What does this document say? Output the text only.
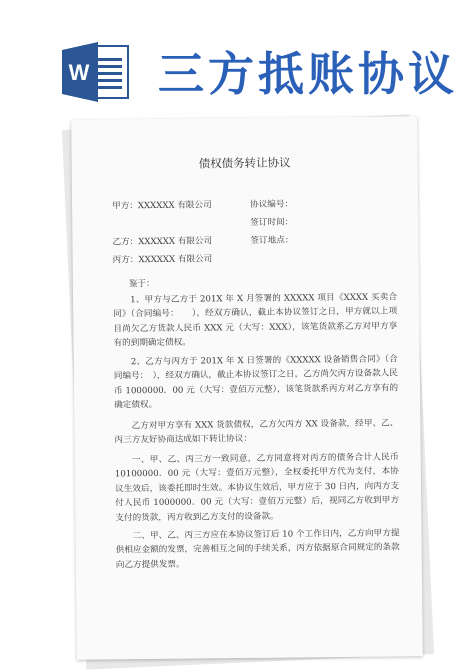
W 三方抵账协议
债权债务转让协议
甲方：XXXXXX 有限公司	协议编号：
签订时间：
乙方：XXXXXX 有限公司	签订地点：
丙方：XXXXXX 有限公司
鉴于：
1、甲方与乙方于 201X 年 X 月签署的 XXXXX 项目《XXXX 买卖合同》（合同编号：　　），经双方确认，截止本协议签订之日，甲方就以上项目尚欠乙方货款人民币 XXX 元（大写：XXX），该笔货款系乙方对甲方享有的到期确定债权。
2、乙方与丙方于 201X 年 X 日签署的《XXXXX 设备销售合同》（合同编号：　），经双方确认，截止本协议签订之日，乙方尚欠丙方设备款人民币 1000000．00 元（大写：壹佰万元整），该笔货款系丙方对乙方享有的确定债权。
乙方对甲方享有 XXX 货款债权，乙方欠丙方 XX 设备款，经甲、乙、丙三方友好协商达成如下转让协议：
一、甲、乙、丙三方一致同意，乙方同意将对丙方的债务合计人民币 10100000．00 元（大写：壹佰万元整），全权委托甲方代为支付，本协议生效后，该委托即时生效。本协议生效后，甲方应于 30 日内，向丙方支付人民币 1000000．00 元（大写：壹佰万元整）后，视同乙方收到甲方支付的货款，丙方收到乙方支付的设备款。
二、甲、乙、丙三方应在本协议签订后 10 个工作日内，乙方向甲方提供相应金额的发票，完善相互之间的手续关系，丙方依据原合同规定的条款向乙方提供发票。
